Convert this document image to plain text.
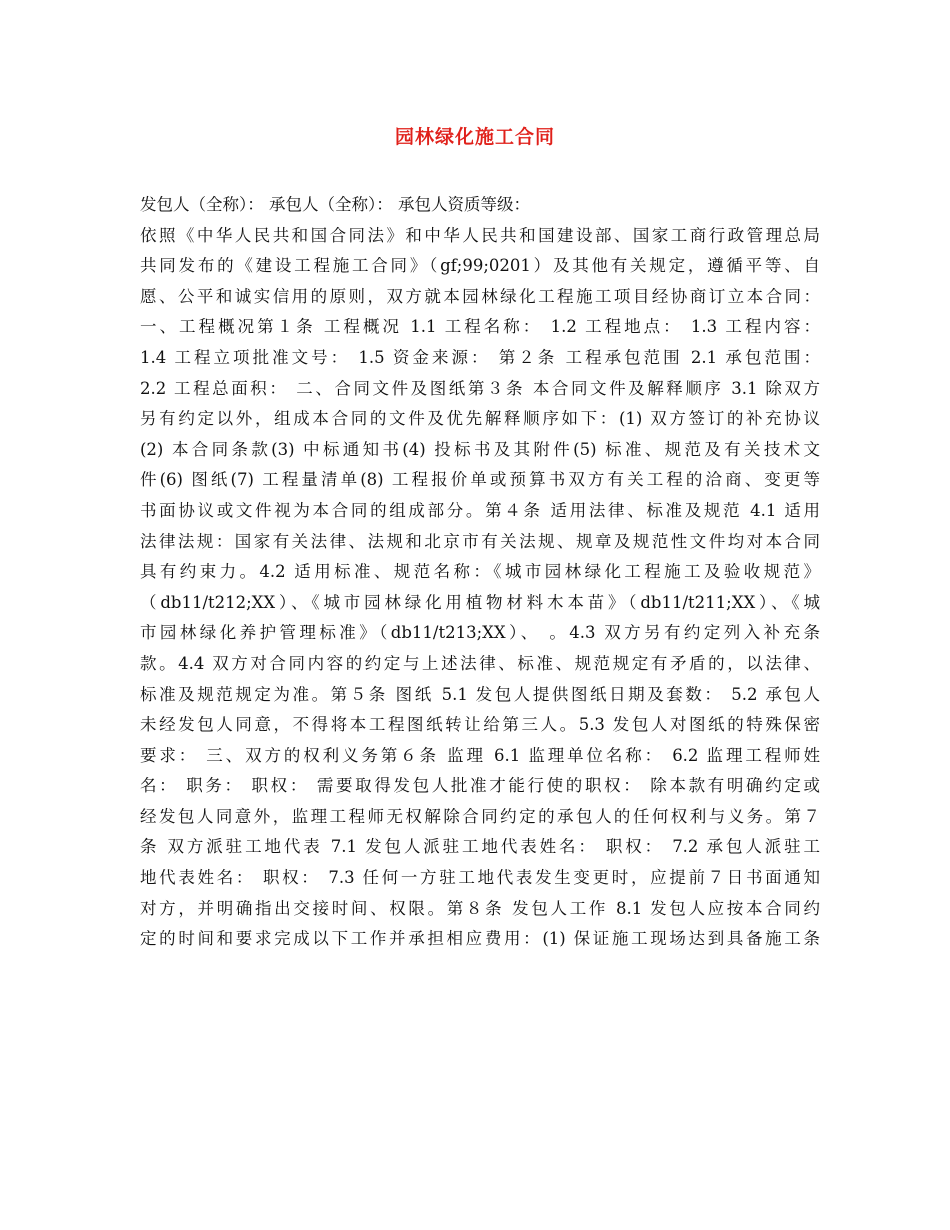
园林绿化施工合同
发包人（全称）： 承包人（全称）： 承包人资质等级：
依照《中华人民共和国合同法》和中华人民共和国建设部、国家工商行政管理总局
共同发布的《建设工程施工合同》（gf;99;0201）及其他有关规定，遵循平等、自
愿、公平和诚实信用的原则，双方就本园林绿化工程施工项目经协商订立本合同：
一、工程概况第１条 工程概况 1.1 工程名称： 1.2 工程地点： 1.3 工程内容：
1.4 工程立项批准文号： 1.5 资金来源： 第２条 工程承包范围 2.1 承包范围：
2.2 工程总面积： 二、合同文件及图纸第３条 本合同文件及解释顺序 3.1 除双方
另有约定以外，组成本合同的文件及优先解释顺序如下：(1) 双方签订的补充协议
(2) 本合同条款(3) 中标通知书(4) 投标书及其附件(5) 标准、规范及有关技术文
件(6) 图纸(7) 工程量清单(8) 工程报价单或预算书双方有关工程的洽商、变更等
书面协议或文件视为本合同的组成部分。第４条 适用法律、标准及规范 4.1 适用
法律法规：国家有关法律、法规和北京市有关法规、规章及规范性文件均对本合同
具有约束力。4.2 适用标准、规范名称：《城市园林绿化工程施工及验收规范》
（db11/t212;XX）、《城市园林绿化用植物材料木本苗》（db11/t211;XX）、《城
市园林绿化养护管理标准》（db11/t213;XX）、 。4.3 双方另有约定列入补充条
款。4.4 双方对合同内容的约定与上述法律、标准、规范规定有矛盾的，以法律、
标准及规范规定为准。第５条 图纸 5.1 发包人提供图纸日期及套数： 5.2 承包人
未经发包人同意，不得将本工程图纸转让给第三人。5.3 发包人对图纸的特殊保密
要求： 三、双方的权利义务第６条 监理 6.1 监理单位名称： 6.2 监理工程师姓
名： 职务： 职权： 需要取得发包人批准才能行使的职权： 除本款有明确约定或
经发包人同意外，监理工程师无权解除合同约定的承包人的任何权利与义务。第７
条 双方派驻工地代表 7.1 发包人派驻工地代表姓名： 职权： 7.2 承包人派驻工
地代表姓名： 职权： 7.3 任何一方驻工地代表发生变更时，应提前７日书面通知
对方，并明确指出交接时间、权限。第８条 发包人工作 8.1 发包人应按本合同约
定的时间和要求完成以下工作并承担相应费用：(1) 保证施工现场达到具备施工条
